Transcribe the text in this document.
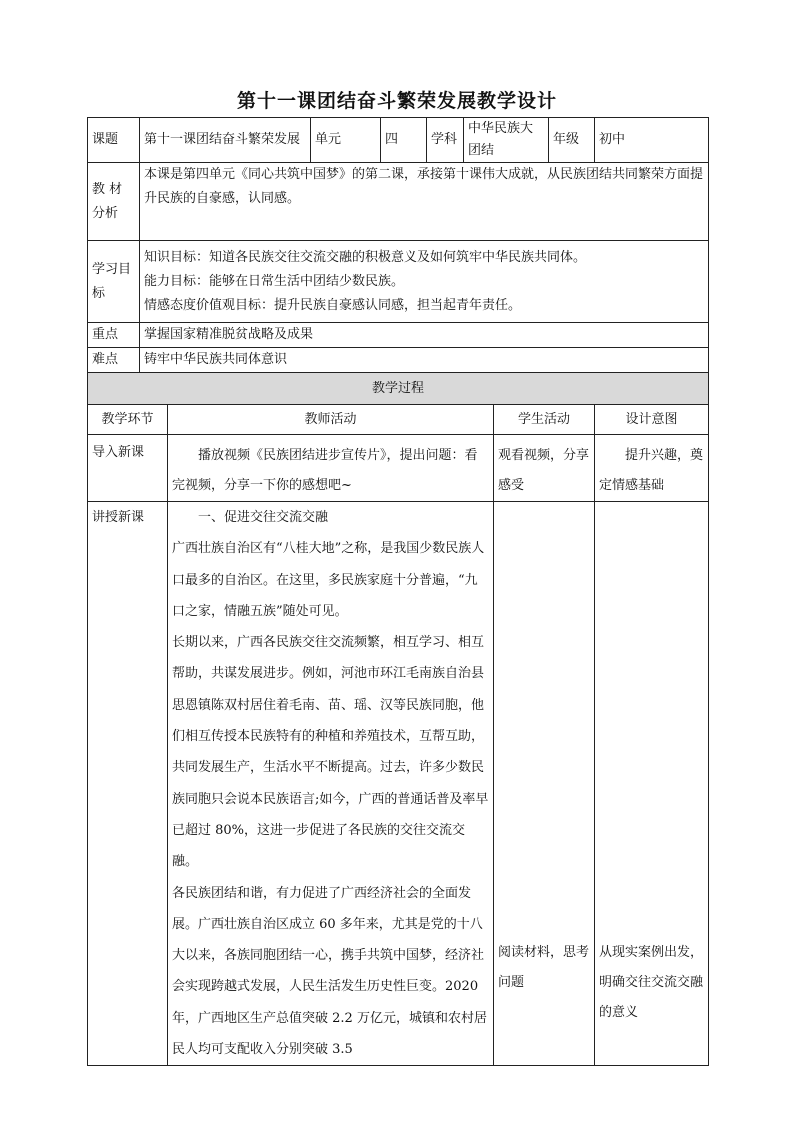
第十一课团结奋斗繁荣发展教学设计
课题	第十一课团结奋斗繁荣发展		单元	四	学科	中华民族大团结		年级	初中
教 材分析	本课是第四单元《同心共筑中国梦》的第二课，承接第十课伟大成就，从民族团结共同繁荣方面提升民族的自豪感，认同感。								
学习目标	知识目标：知道各民族交往交流交融的积极意义及如何筑牢中华民族共同体。

能力目标：能够在日常生活中团结少数民族。

情感态度价值观目标：提升民族自豪感认同感，担当起青年责任。								

重点	掌握国家精准脱贫战略及成果								
难点	铸牢中华民族共同体意识								
教学过程									
教学环节		教师活动					学生活动		设计意图
导入新课		播放视频《民族团结进步宣传片》，提出问题：看完视频，分享一下你的感想吧~					观看视频，分享感受		提升兴趣，奠定情感基础
讲授新课		一、促进交往交流交融

广西壮族自治区有“八桂大地”之称，是我国少数民族人口最多的自治区。在这里，多民族家庭十分普遍，“九口之家，情融五族”随处可见。

长期以来，广西各民族交往交流频繁，相互学习、相互帮助，共谋发展进步。例如，河池市环江毛南族自治县思恩镇陈双村居住着毛南、苗、瑶、汉等民族同胞，他们相互传授本民族特有的种植和养殖技术，互帮互助，共同发展生产，生活水平不断提高。过去，许多少数民族同胞只会说本民族语言;如今，广西的普通话普及率早已超过 80%，这进一步促进了各民族的交往交流交融。

各民族团结和谐，有力促进了广西经济社会的全面发展。广西壮族自治区成立 60 多年来，尤其是党的十八大以来，各族同胞团结一心，携手共筑中国梦，经济社会实现跨越式发展，人民生活发生历史性巨变。2020 年，广西地区生产总值突破 2.2 万亿元，城镇和农村居民人均可支配收入分别突破 3.5					阅读材料，思考问题		从现实案例出发，明确交往交流交融的意义
